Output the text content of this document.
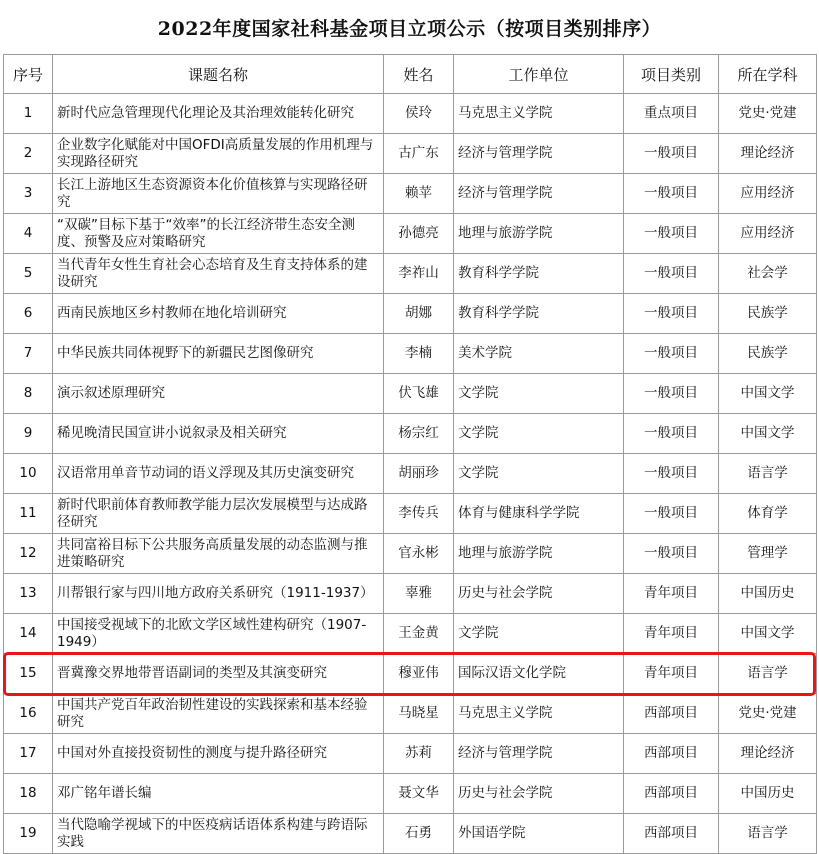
2022年度国家社科基金项目立项公示（按项目类别排序）
序号	课题名称	姓名	工作单位	项目类别	所在学科
1	新时代应急管理现代化理论及其治理效能转化研究	侯玲	马克思主义学院	重点项目	党史·党建
2	企业数字化赋能对中国OFDI高质量发展的作用机理与实现路径研究	古广东	经济与管理学院	一般项目	理论经济
3	长江上游地区生态资源资本化价值核算与实现路径研究	赖苹	经济与管理学院	一般项目	应用经济
4	“双碳”目标下基于“效率”的长江经济带生态安全测度、预警及应对策略研究	孙德亮	地理与旅游学院	一般项目	应用经济
5	当代青年女性生育社会心态培育及生育支持体系的建设研究	李祚山	教育科学学院	一般项目	社会学
6	西南民族地区乡村教师在地化培训研究	胡娜	教育科学学院	一般项目	民族学
7	中华民族共同体视野下的新疆民艺图像研究	李楠	美术学院	一般项目	民族学
8	演示叙述原理研究	伏飞雄	文学院	一般项目	中国文学
9	稀见晚清民国宣讲小说叙录及相关研究	杨宗红	文学院	一般项目	中国文学
10	汉语常用单音节动词的语义浮现及其历史演变研究	胡丽珍	文学院	一般项目	语言学
11	新时代职前体育教师教学能力层次发展模型与达成路径研究	李传兵	体育与健康科学学院	一般项目	体育学
12	共同富裕目标下公共服务高质量发展的动态监测与推进策略研究	官永彬	地理与旅游学院	一般项目	管理学
13	川帮银行家与四川地方政府关系研究（1911-1937）	辜雅	历史与社会学院	青年项目	中国历史
14	中国接受视域下的北欧文学区域性建构研究（1907-1949）	王金黄	文学院	青年项目	中国文学
15	晋冀豫交界地带晋语副词的类型及其演变研究	穆亚伟	国际汉语文化学院	青年项目	语言学
16	中国共产党百年政治韧性建设的实践探索和基本经验研究	马晓星	马克思主义学院	西部项目	党史·党建
17	中国对外直接投资韧性的测度与提升路径研究	苏莉	经济与管理学院	西部项目	理论经济
18	邓广铭年谱长编	聂文华	历史与社会学院	西部项目	中国历史
19	当代隐喻学视域下的中医疫病话语体系构建与跨语际实践	石勇	外国语学院	西部项目	语言学
